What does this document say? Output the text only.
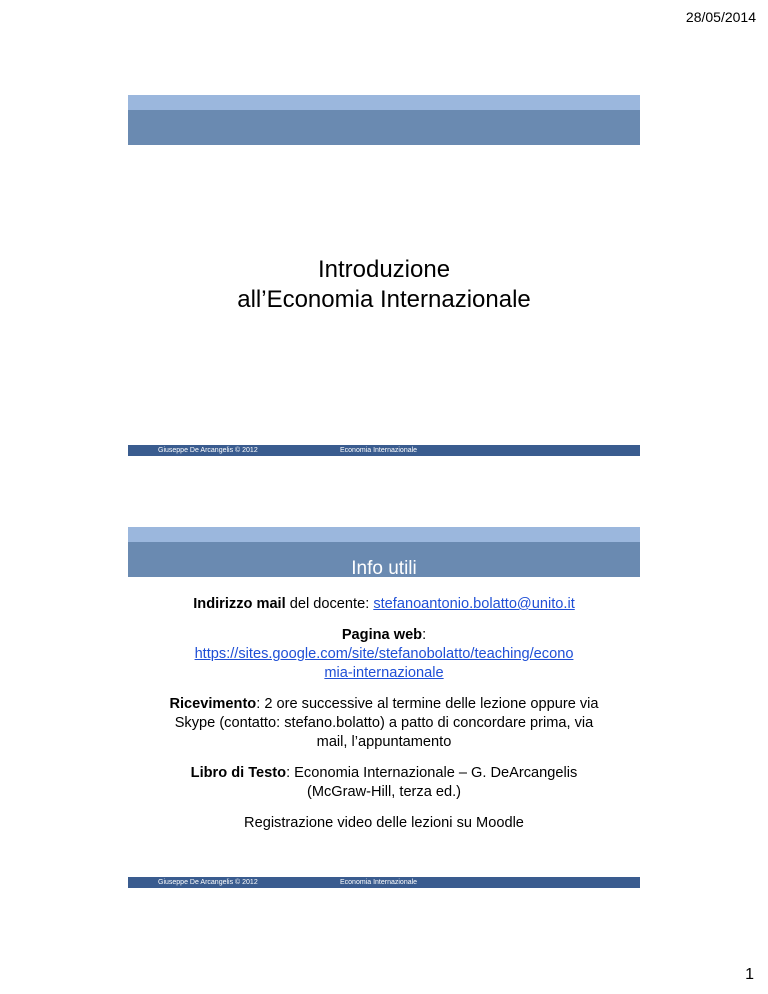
28/05/2014
Introduzione
all’Economia Internazionale
Giuseppe De Arcangelis © 2012	Economia Internazionale
Info utili

Indirizzo mail del docente: stefanoantonio.bolatto@unito.it

Pagina web:
https://sites.google.com/site/stefanobolatto/teaching/econo
mia-internazionale

Ricevimento: 2 ore successive al termine delle lezione oppure via Skype (contatto: stefano.bolatto) a patto di concordare prima, via mail, l’appuntamento

Libro di Testo: Economia Internazionale – G. DeArcangelis (McGraw-Hill, terza ed.)

Registrazione video delle lezioni su Moodle

Giuseppe De Arcangelis © 2012	Economia Internazionale
1
